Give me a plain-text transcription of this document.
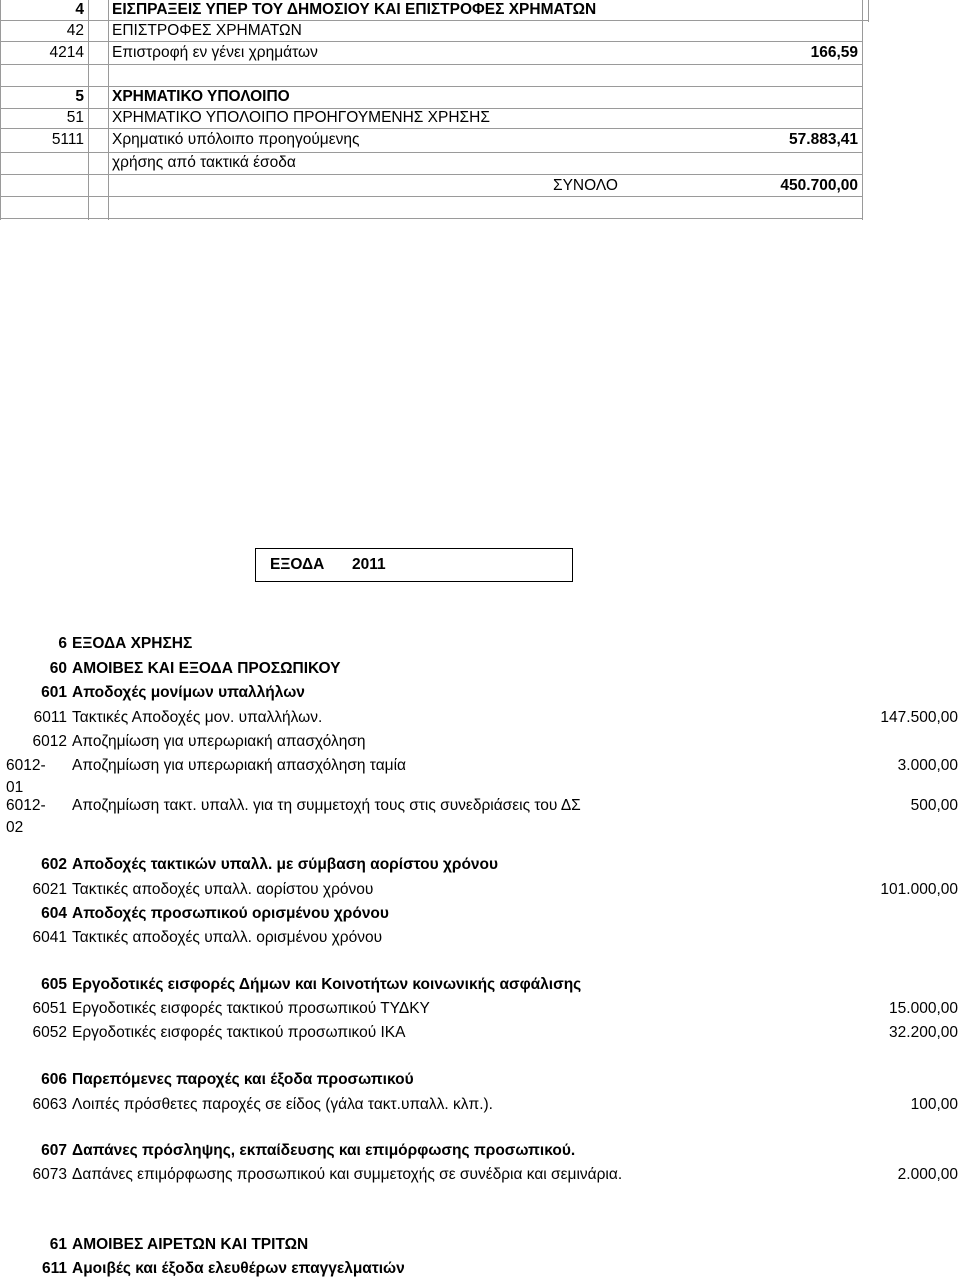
4 ΕΙΣΠΡΑΞΕΙΣ ΥΠΕΡ ΤΟΥ ΔΗΜΟΣΙΟΥ ΚΑΙ ΕΠΙΣΤΡΟΦΕΣ ΧΡΗΜΑΤΩΝ
42 ΕΠΙΣΤΡΟΦΕΣ ΧΡΗΜΑΤΩΝ
4214 Επιστροφή εν γένει χρημάτων	166,59
5 ΧΡΗΜΑΤΙΚΟ ΥΠΟΛΟΙΠΟ
51 ΧΡΗΜΑΤΙΚΟ ΥΠΟΛΟΙΠΟ ΠΡΟΗΓΟΥΜΕΝΗΣ ΧΡΗΣΗΣ
5111 Χρηματικό υπόλοιπο προηγούμενης	57.883,41
χρήσης από τακτικά έσοδα
ΣΥΝΟΛΟ	450.700,00
ΕΞΟΔΑ 2011
6 ΕΞΟΔΑ ΧΡΗΣΗΣ
60 ΑΜΟΙΒΕΣ ΚΑΙ ΕΞΟΔΑ ΠΡΟΣΩΠΙΚΟΥ
601 Αποδοχές μονίμων υπαλλήλων
6011 Τακτικές Αποδοχές μον. υπαλλήλων.	147.500,00
6012 Αποζημίωση για υπερωριακή απασχόληση
6012-
01
Αποζημίωση για υπερωριακή απασχόληση ταμία	3.000,00
6012-
02
Αποζημίωση τακτ. υπαλλ. για τη συμμετοχή τους στις συνεδριάσεις του ΔΣ	500,00
602 Αποδοχές τακτικών υπαλλ. με σύμβαση αορίστου χρόνου
6021 Τακτικές αποδοχές υπαλλ. αορίστου χρόνου	101.000,00
604 Αποδοχές προσωπικού ορισμένου χρόνου
6041 Τακτικές αποδοχές υπαλλ. ορισμένου χρόνου
605 Εργοδοτικές εισφορές Δήμων και Κοινοτήτων κοινωνικής ασφάλισης
6051 Εργοδοτικές εισφορές τακτικού προσωπικού ΤΥΔΚΥ	15.000,00
6052 Εργοδοτικές εισφορές τακτικού προσωπικού ΙΚΑ	32.200,00
606 Παρεπόμενες παροχές και έξοδα προσωπικού
6063 Λοιπές πρόσθετες παροχές σε είδος (γάλα τακτ.υπαλλ. κλπ.).	100,00
607 Δαπάνες πρόσληψης, εκπαίδευσης και επιμόρφωσης προσωπικού.
6073 Δαπάνες επιμόρφωσης προσωπικού και συμμετοχής σε συνέδρια και σεμινάρια.	2.000,00
61 ΑΜΟΙΒΕΣ ΑΙΡΕΤΩΝ ΚΑΙ ΤΡΙΤΩΝ
611 Αμοιβές και έξοδα ελευθέρων επαγγελματιών
